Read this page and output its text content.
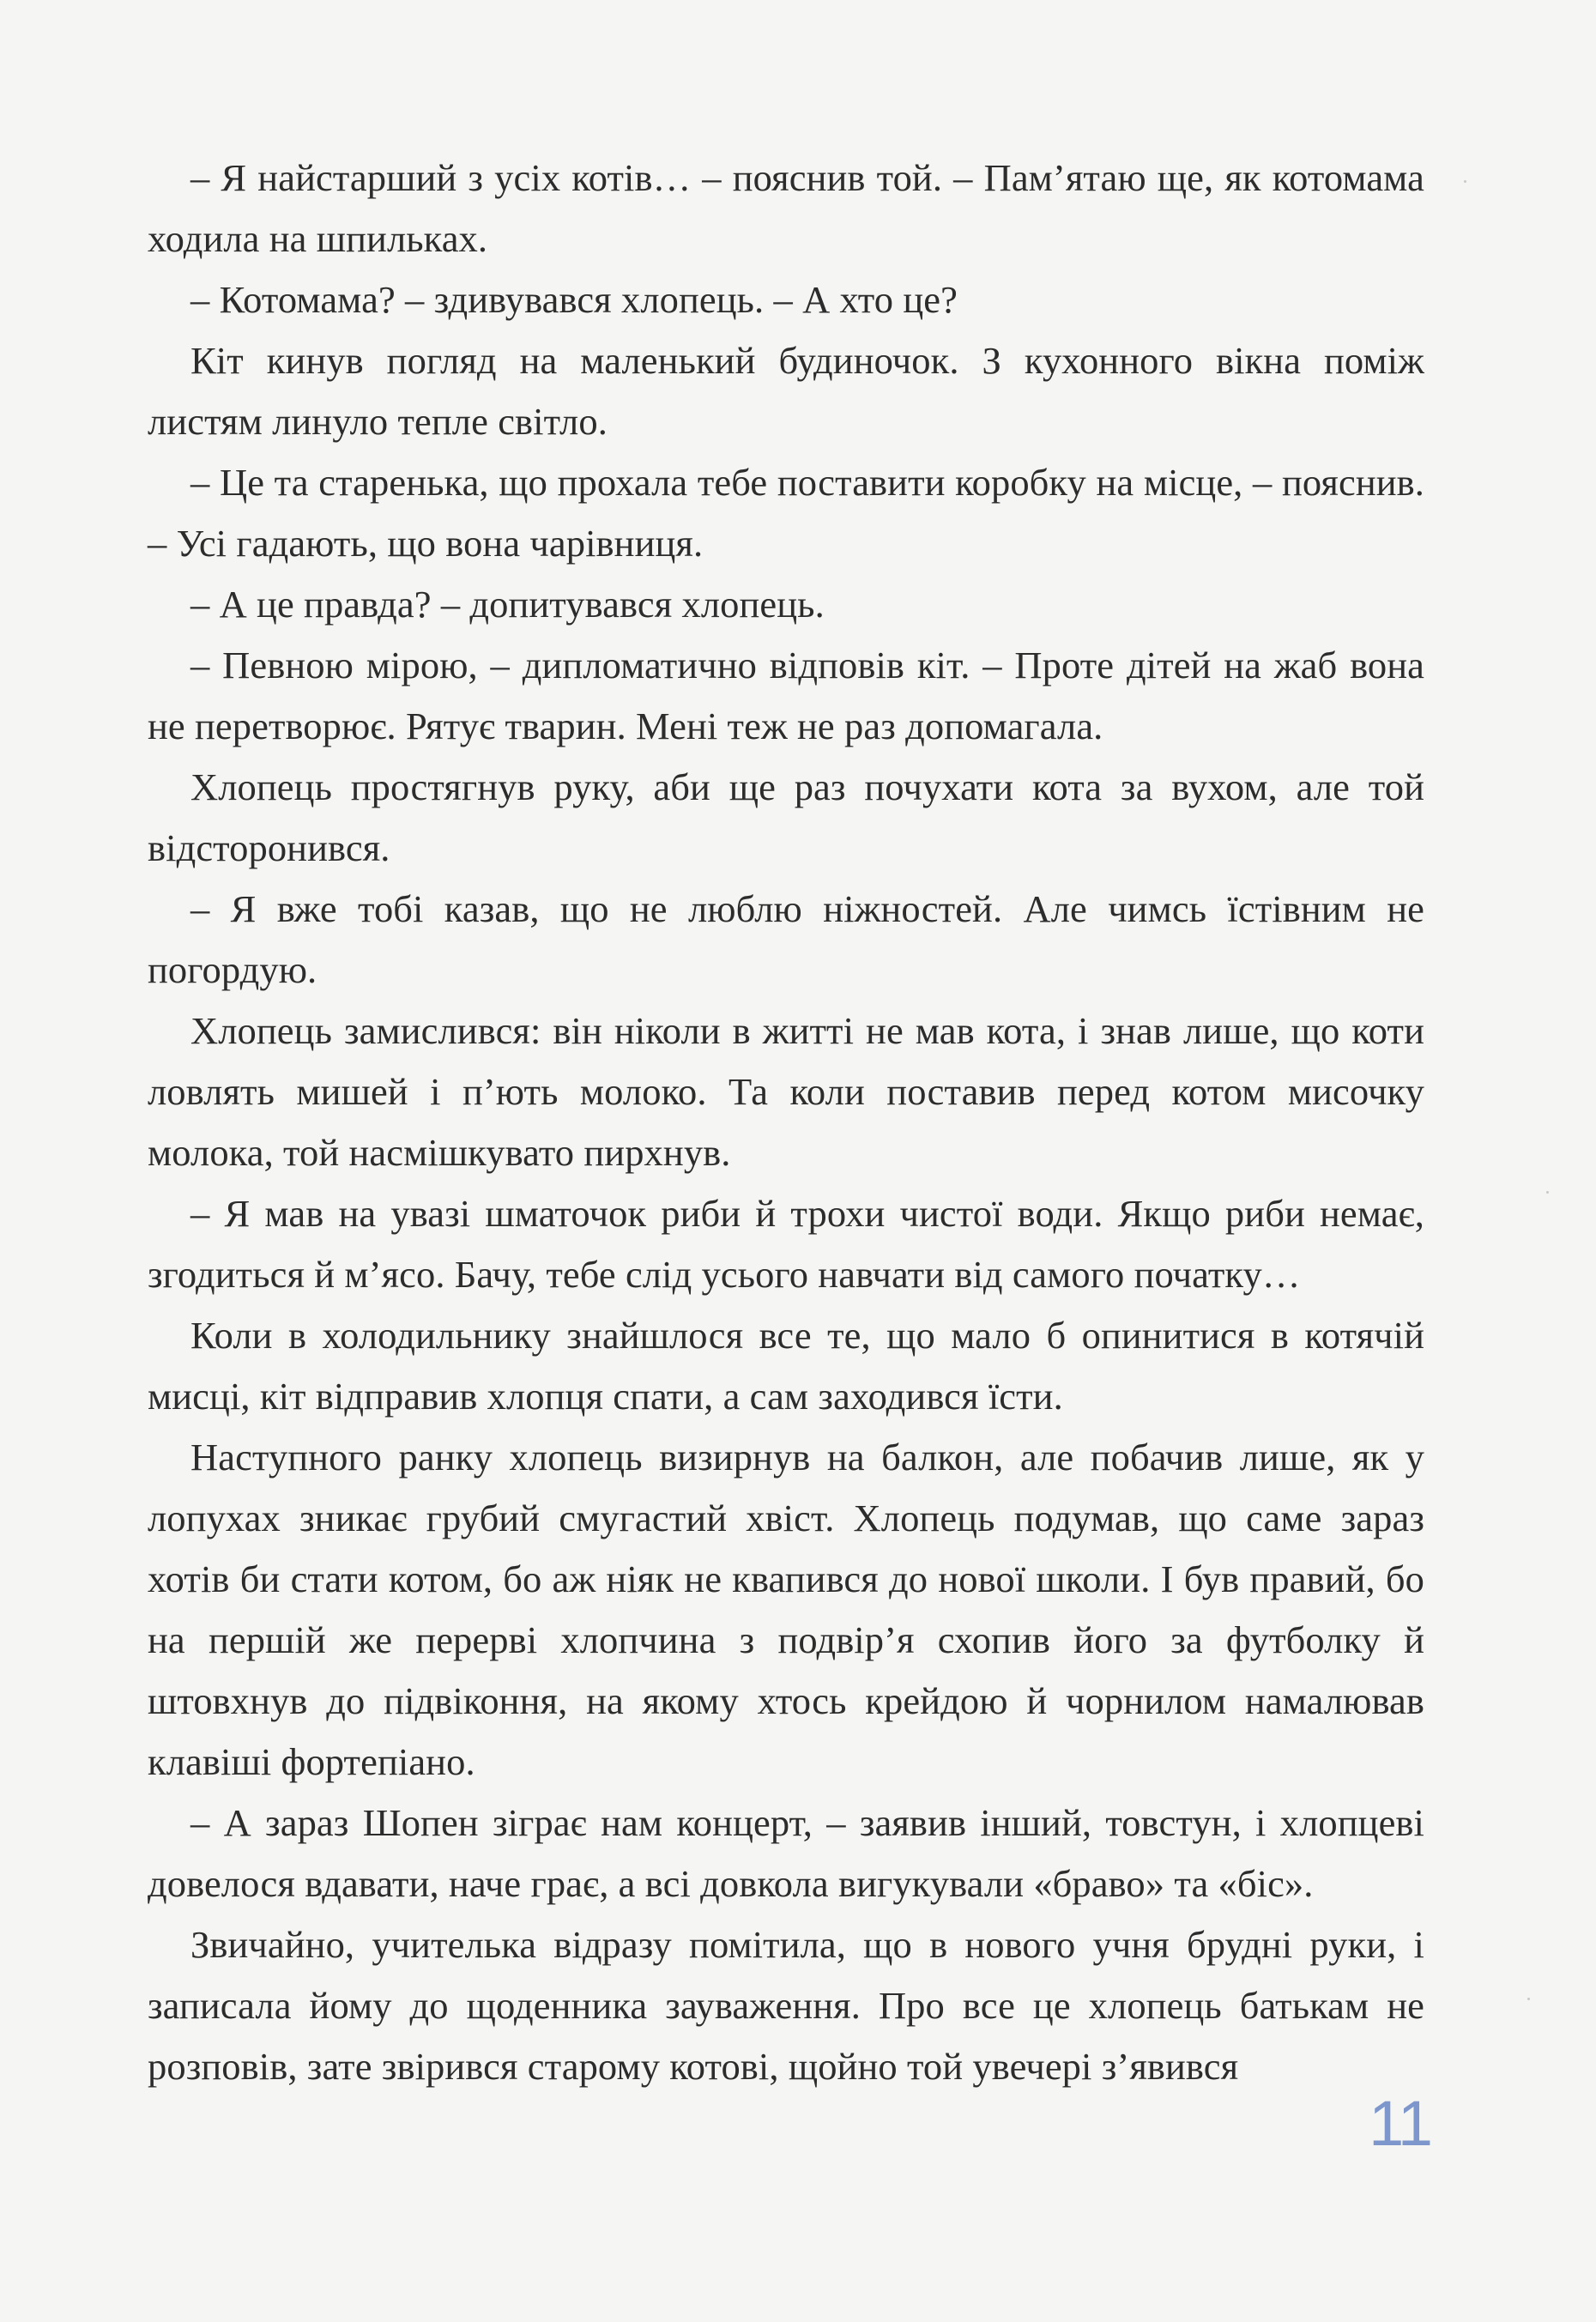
– Я найстарший з усіх котів… – пояснив той. – Пам’ятаю ще, як котомама ходила на шпильках.

– Котомама? – здивувався хлопець. – А хто це?

Кіт кинув погляд на маленький будиночок. З кухонного вікна поміж листям линуло тепле світло.

– Це та старенька, що прохала тебе поставити коробку на місце, – пояснив. – Усі гадають, що вона чарівниця.

– А це правда? – допитувався хлопець.

– Певною мірою, – дипломатично відповів кіт. – Проте дітей на жаб вона не перетворює. Рятує тварин. Мені теж не раз допомагала.

Хлопець простягнув руку, аби ще раз почухати кота за вухом, але той відсторонився.

– Я вже тобі казав, що не люблю ніжностей. Але чимсь їстівним не погордую.

Хлопець замислився: він ніколи в житті не мав кота, і знав лише, що коти ловлять мишей і п’ють молоко. Та коли поставив перед котом мисочку молока, той насмішкувато пирхнув.

– Я мав на увазі шматочок риби й трохи чистої води. Якщо риби немає, згодиться й м’ясо. Бачу, тебе слід усього навчати від самого початку…

Коли в холодильнику знайшлося все те, що мало б опинитися в котячій мисці, кіт відправив хлопця спати, а сам заходився їсти.

Наступного ранку хлопець визирнув на балкон, але побачив лише, як у лопухах зникає грубий смугастий хвіст. Хлопець подумав, що саме зараз хотів би стати котом, бо аж ніяк не квапився до нової школи. І був правий, бо на першій же перерві хлопчина з подвір’я схопив його за футболку й штовхнув до підвіконня, на якому хтось крейдою й чорнилом намалював клавіші фортепіано.

– А зараз Шопен зіграє нам концерт, – заявив інший, товстун, і хлопцеві довелося вдавати, наче грає, а всі довкола вигукували «браво» та «біс».

Звичайно, учителька відразу помітила, що в нового учня брудні руки, і записала йому до щоденника зауваження. Про все це хлопець батькам не розповів, зате звірився старому котові, щойно той увечері з’явився

11
